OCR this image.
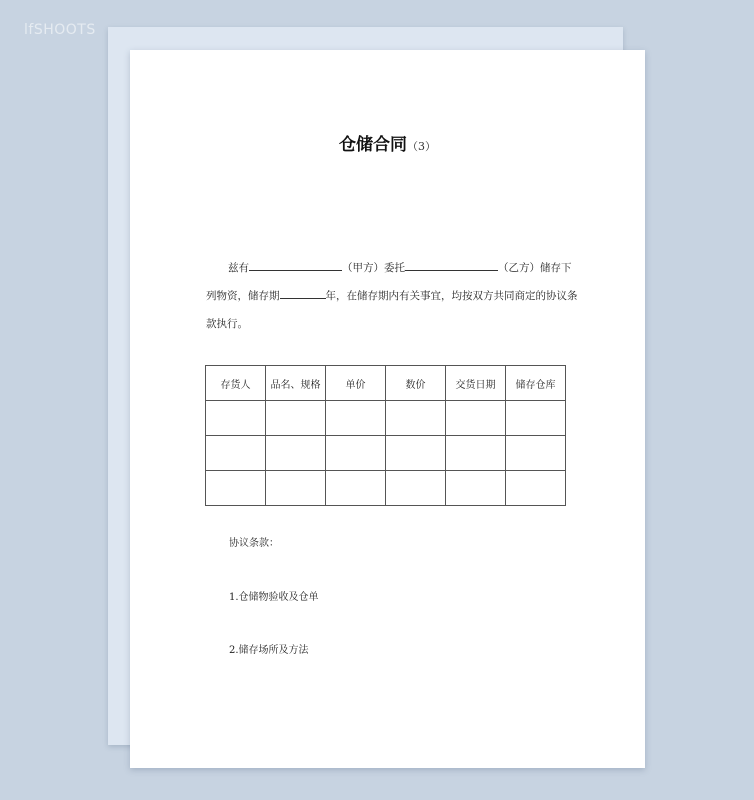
lfSHOOTS
仓储合同（3）
兹有	（甲方）委托	（乙方）储存下
列物资，储存期	年，在储存期内有关事宜，均按双方共同商定的协议条
款执行。
存货人	品名、规格	单价	数价	交货日期	储存仓库

协议条款：
1.仓储物验收及仓单
2.储存场所及方法
